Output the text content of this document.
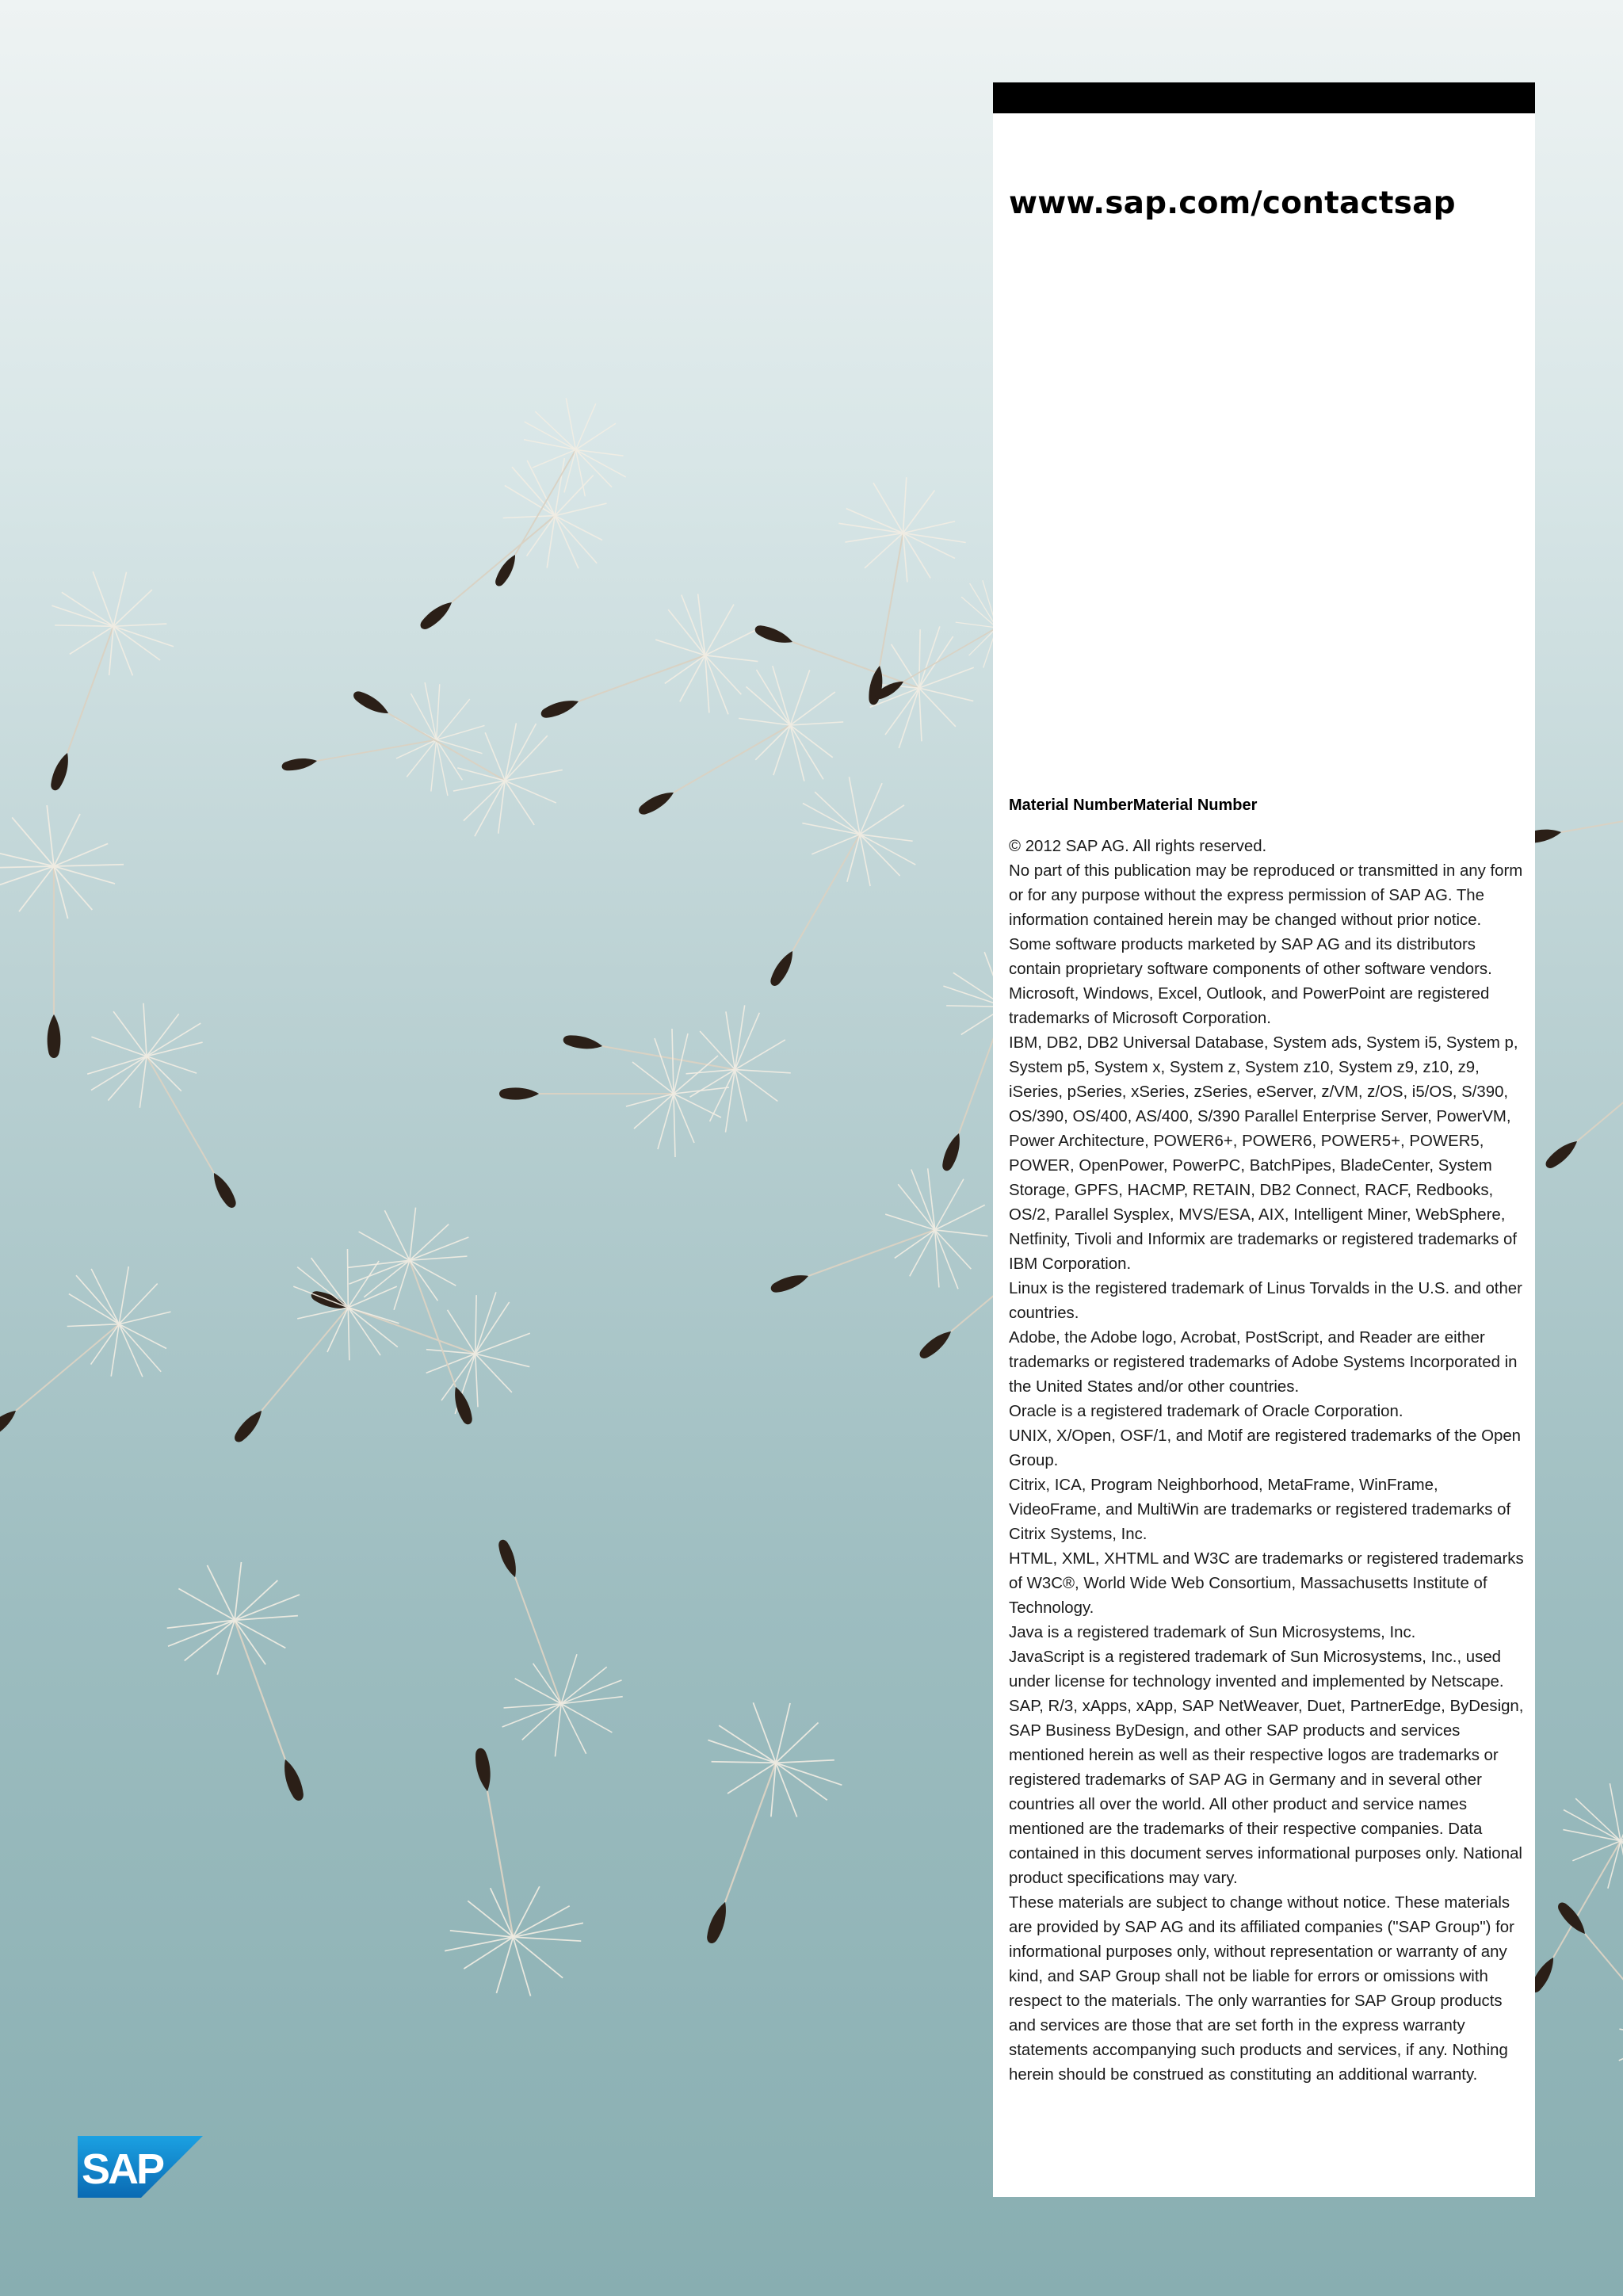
www.sap.com/contactsap

Material NumberMaterial Number

© 2012 SAP AG. All rights reserved.

No part of this publication may be reproduced or transmitted in any form or for any purpose without the express permission of SAP AG. The information contained herein may be changed without prior notice.

Some software products marketed by SAP AG and its distributors contain proprietary software components of other software vendors.

Microsoft, Windows, Excel, Outlook, and PowerPoint are registered trademarks of Microsoft Corporation.

IBM, DB2, DB2 Universal Database, System ads, System i5, System p, System p5, System x, System z, System z10, System z9, z10, z9, iSeries, pSeries, xSeries, zSeries, eServer, z/VM, z/OS, i5/OS, S/390, OS/390, OS/400, AS/400, S/390 Parallel Enterprise Server, PowerVM, Power Architecture, POWER6+, POWER6, POWER5+, POWER5, POWER, OpenPower, PowerPC, BatchPipes, BladeCenter, System Storage, GPFS, HACMP, RETAIN, DB2 Connect, RACF, Redbooks, OS/2, Parallel Sysplex, MVS/ESA, AIX, Intelligent Miner, WebSphere, Netfinity, Tivoli and Informix are trademarks or registered trademarks of IBM Corporation.

Linux is the registered trademark of Linus Torvalds in the U.S. and other countries.

Adobe, the Adobe logo, Acrobat, PostScript, and Reader are either trademarks or registered trademarks of Adobe Systems Incorporated in the United States and/or other countries.

Oracle is a registered trademark of Oracle Corporation.

UNIX, X/Open, OSF/1, and Motif are registered trademarks of the Open Group.

Citrix, ICA, Program Neighborhood, MetaFrame, WinFrame, VideoFrame, and MultiWin are trademarks or registered trademarks of Citrix Systems, Inc.

HTML, XML, XHTML and W3C are trademarks or registered trademarks of W3C®, World Wide Web Consortium, Massachusetts Institute of Technology.

Java is a registered trademark of Sun Microsystems, Inc.

JavaScript is a registered trademark of Sun Microsystems, Inc., used under license for technology invented and implemented by Netscape.

SAP, R/3, xApps, xApp, SAP NetWeaver, Duet, PartnerEdge, ByDesign, SAP Business ByDesign, and other SAP products and services mentioned herein as well as their respective logos are trademarks or registered trademarks of SAP AG in Germany and in several other countries all over the world. All other product and service names mentioned are the trademarks of their respective companies. Data contained in this document serves informational purposes only. National product specifications may vary.

These materials are subject to change without notice. These materials are provided by SAP AG and its affiliated companies ("SAP Group") for informational purposes only, without representation or warranty of any kind, and SAP Group shall not be liable for errors or omissions with respect to the materials. The only warranties for SAP Group products and services are those that are set forth in the express warranty statements accompanying such products and services, if any. Nothing herein should be construed as constituting an additional warranty.

SAP
